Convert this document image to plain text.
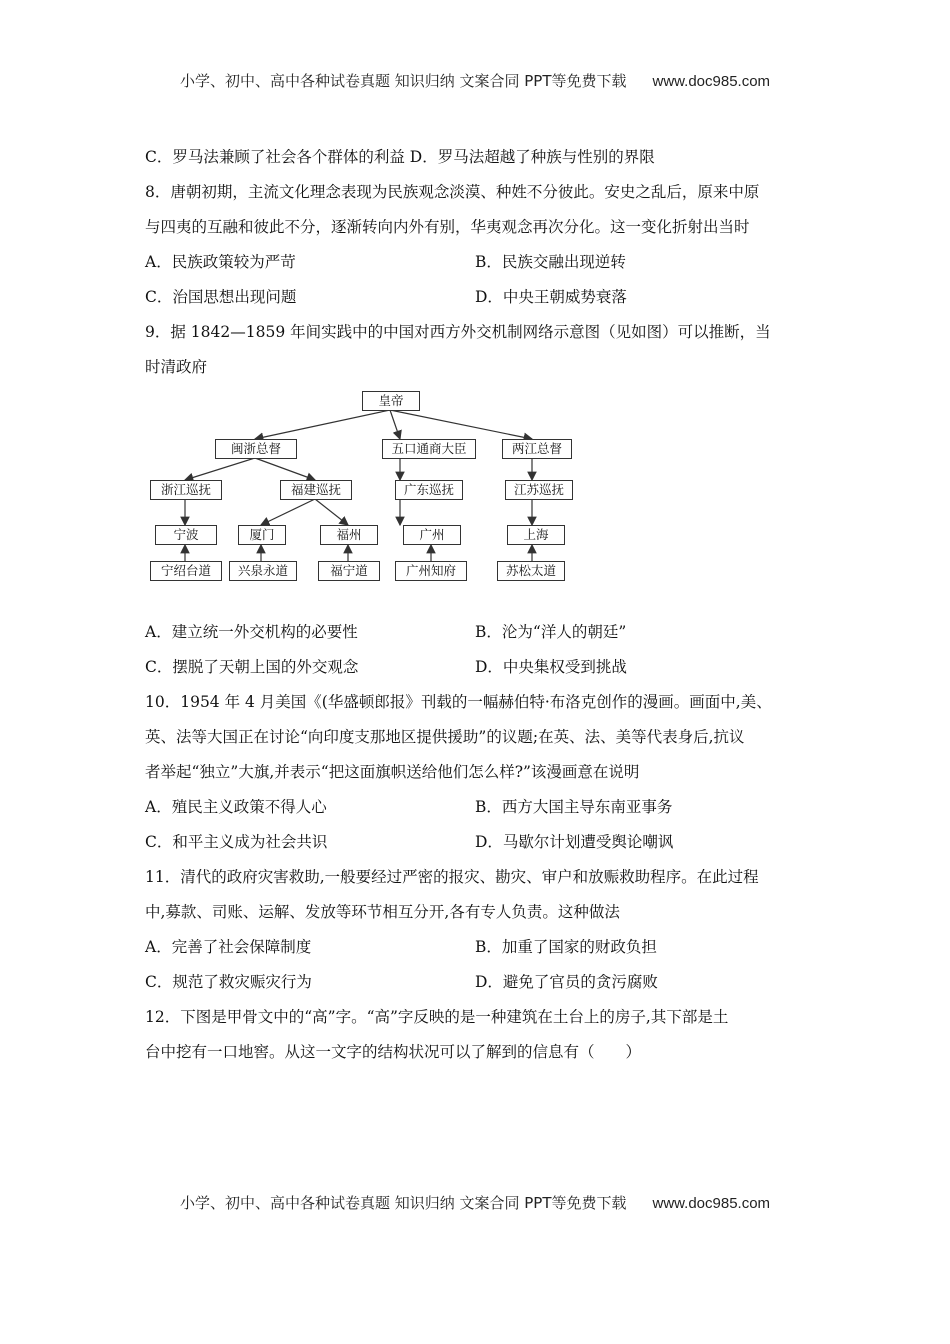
小学、初中、高中各种试卷真题 知识归纳 文案合同 PPT等免费下载 www.doc985.com
C．罗马法兼顾了社会各个群体的利益 D．罗马法超越了种族与性别的界限
8．唐朝初期，主流文化理念表现为民族观念淡漠、种姓不分彼此。安史之乱后，原来中原
与四夷的互融和彼此不分，逐渐转向内外有别，华夷观念再次分化。这一变化折射出当时
A．民族政策较为严苛	B．民族交融出现逆转
C．治国思想出现问题	D．中央王朝威势衰落
9．据 1842—1859 年间实践中的中国对西方外交机制网络示意图（见如图）可以推断，当
时清政府
皇帝
闽浙总督	五口通商大臣	两江总督
浙江巡抚	福建巡抚	广东巡抚	江苏巡抚
宁波	厦门	福州	广州	上海
宁绍台道	兴泉永道	福宁道	广州知府	苏松太道
A．建立统一外交机构的必要性	B．沦为“洋人的朝廷”
C．摆脱了天朝上国的外交观念	D．中央集权受到挑战
10．1954 年 4 月美国《(华盛顿郎报》刊载的一幅赫伯特·布洛克创作的漫画。画面中,美、
英、法等大国正在讨论“向印度支那地区提供援助”的议题;在英、法、美等代表身后,抗议
者举起“独立”大旗,并表示“把这面旗帜送给他们怎么样?”该漫画意在说明
A．殖民主义政策不得人心	B．西方大国主导东南亚事务
C．和平主义成为社会共识	D．马歇尔计划遭受舆论嘲讽
11．清代的政府灾害救助,一般要经过严密的报灾、勘灾、审户和放赈救助程序。在此过程
中,募款、司账、运解、发放等环节相互分开,各有专人负责。这种做法
A．完善了社会保障制度	B．加重了国家的财政负担
C．规范了救灾赈灾行为	D．避免了官员的贪污腐败
12．下图是甲骨文中的“高”字。“高”字反映的是一种建筑在土台上的房子,其下部是土
台中挖有一口地窖。从这一文字的结构状况可以了解到的信息有（　　）
小学、初中、高中各种试卷真题 知识归纳 文案合同 PPT等免费下载 www.doc985.com
